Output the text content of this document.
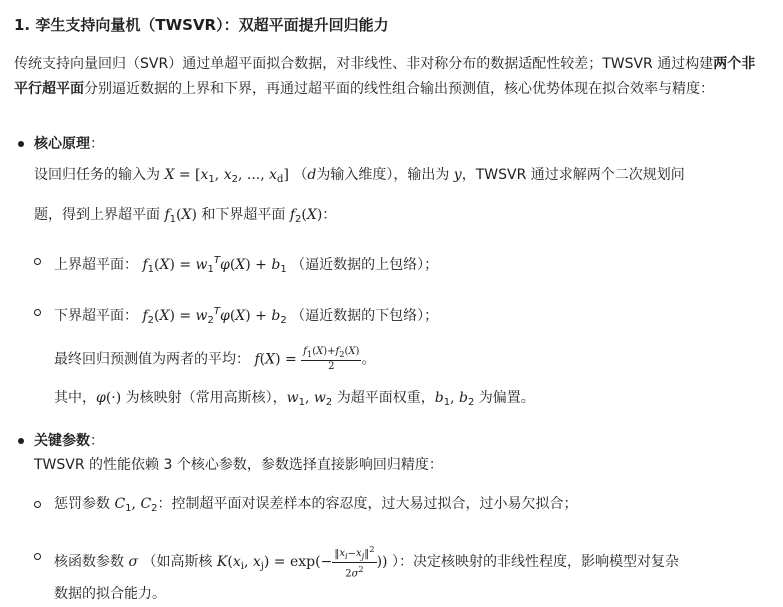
1. 孪生支持向量机（TWSVR）：双超平面提升回归能力
传统支持向量回归（SVR）通过单超平面拟合数据，对非线性、非对称分布的数据适配性较差；TWSVR 通过构建两个非平行超平面分别逼近数据的上界和下界，再通过超平面的线性组合输出预测值，核心优势体现在拟合效率与精度：
核心原理：
设回归任务的输入为 $X = [x_1$, $x_2$, ..., $x_d$] （d为输入维度），输出为 y，TWSVR 通过求解两个二次规划问
题，得到上界超平面 $f_1(X)$ 和下界超平面 $f_2(X)$：
上界超平面： $f_1(X) = w_1^T\varphi(X) + b_1$ （逼近数据的上包络）；
下界超平面： $f_2(X) = w_2^T\varphi(X) + b_2$ （逼近数据的下包络）；
最终回归预测值为两者的平均： $f(X) = \frac{f_1(X)+f_2(X)}{2}$ 。
其中，φ(·) 为核映射（常用高斯核），$w_1$, $w_2$ 为超平面权重，$b_1$, $b_2$ 为偏置。
关键参数：
TWSVR 的性能依赖 3 个核心参数，参数选择直接影响回归精度：
惩罚参数 $C_1$, $C_2$：控制超平面对误差样本的容忍度，过大易过拟合，过小易欠拟合；
核函数参数 σ （如高斯核 $K(x_i$, $x_j) = \exp(- \frac{‖x_i-x_j‖^2}{2\sigma^2}$ )) ）：决定核映射的非线性程度，影响模型对复杂
数据的拟合能力。
